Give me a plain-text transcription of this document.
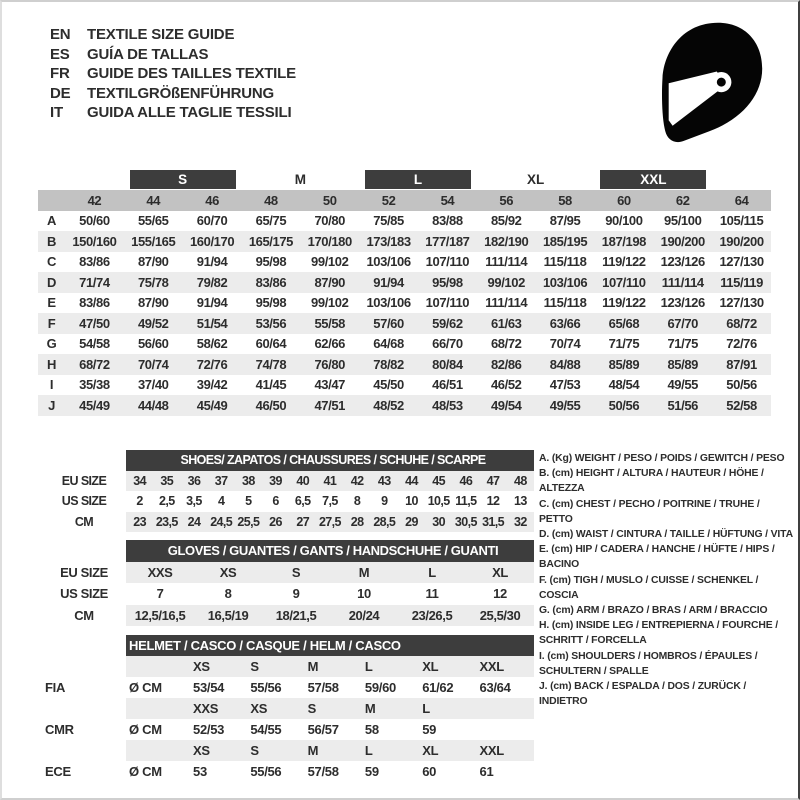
EN	TEXTILE SIZE GUIDE
ES	GUÍA DE TALLAS
FR	GUIDE DES TAILLES TEXTILE
DE	TEXTILGRÖßENFÜHRUNG
IT	GUIDA ALLE TAGLIE TESSILI

		S		M		L		XL		XXL		

	42	44	46	48	50	52	54	56	58	60	62	64
A	50/60	55/65	60/70	65/75	70/80	75/85	83/88	85/92	87/95	90/100	95/100	105/115
B	150/160	155/165	160/170	165/175	170/180	173/183	177/187	182/190	185/195	187/198	190/200	190/200
C	83/86	87/90	91/94	95/98	99/102	103/106	107/110	111/114	115/118	119/122	123/126	127/130
D	71/74	75/78	79/82	83/86	87/90	91/94	95/98	99/102	103/106	107/110	111/114	115/119
E	83/86	87/90	91/94	95/98	99/102	103/106	107/110	111/114	115/118	119/122	123/126	127/130
F	47/50	49/52	51/54	53/56	55/58	57/60	59/62	61/63	63/66	65/68	67/70	68/72
G	54/58	56/60	58/62	60/64	62/66	64/68	66/70	68/72	70/74	71/75	71/75	72/76
H	68/72	70/74	72/76	74/78	76/80	78/82	80/84	82/86	84/88	85/89	85/89	87/91
I	35/38	37/40	39/42	41/45	43/47	45/50	46/51	46/52	47/53	48/54	49/55	50/56
J	45/49	44/48	45/49	46/50	47/51	48/52	48/53	49/54	49/55	50/56	51/56	52/58
	SHOES/ ZAPATOS / CHAUSSURES / SCHUHE / SCARPE														
EU SIZE	34	35	36	37	38	39	40	41	42	43	44	45	46	47	48
US SIZE	2	2,5	3,5	4	5	6	6,5	7,5	8	9	10	10,5	11,5	12	13
CM	23	23,5	24	24,5	25,5	26	27	27,5	28	28,5	29	30	30,5	31,5	32
	GLOVES / GUANTES / GANTS / HANDSCHUHE / GUANTI					
EU SIZE	XXS	XS	S	M	L	XL
US SIZE	7	8	9	10	11	12
CM	12,5/16,5	16,5/19	18/21,5	20/24	23/26,5	25,5/30
	HELMET / CASCO / CASQUE / HELM / CASCO						
		XS	S	M	L	XL	XXL
FIA	Ø CM	53/54	55/56	57/58	59/60	61/62	63/64
		XXS	XS	S	M	L	
CMR	Ø CM	52/53	54/55	56/57	58	59	
		XS	S	M	L	XL	XXL
ECE	Ø CM	53	55/56	57/58	59	60	61
A. (Kg) WEIGHT / PESO / POIDS / GEWITCH / PESO
B. (cm) HEIGHT / ALTURA / HAUTEUR / HÖHE / ALTEZZA
C. (cm) CHEST / PECHO / POITRINE / TRUHE / PETTO
D. (cm) WAIST / CINTURA / TAILLE / HÜFTUNG / VITA
E. (cm) HIP / CADERA / HANCHE / HÜFTE / HIPS / BACINO
F. (cm) TIGH / MUSLO / CUISSE / SCHENKEL / COSCIA
G. (cm) ARM / BRAZO / BRAS / ARM / BRACCIO
H. (cm) INSIDE LEG / ENTREPIERNA / FOURCHE / SCHRITT / FORCELLA
I. (cm) SHOULDERS / HOMBROS / ÉPAULES / SCHULTERN / SPALLE
J. (cm) BACK / ESPALDA / DOS / ZURÜCK / INDIETRO
